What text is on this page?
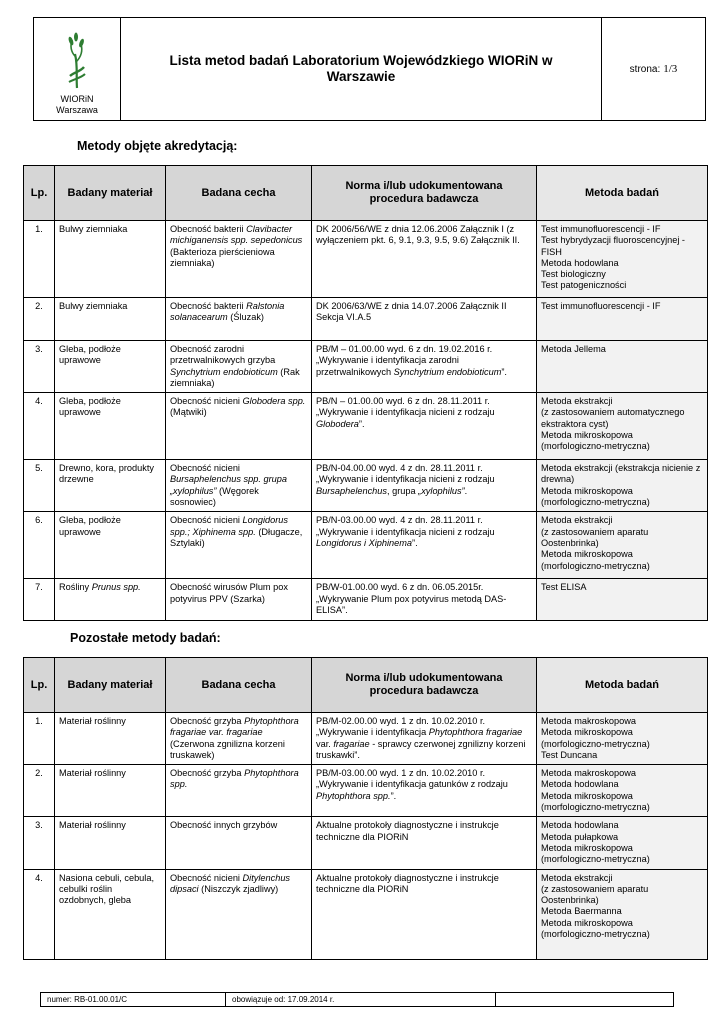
WIORiN
Warszawa
Lista metod badań Laboratorium Wojewódzkiego WIORiN w
Warszawie	strona: 1/3
Metody objęte akredytacją:
Lp.	Badany materiał	Badana cecha	Norma i/lub udokumentowana
procedura badawcza	Metoda badań
1.	Bulwy ziemniaka	Obecność bakterii Clavibacter michiganensis spp. sepedonicus (Bakterioza pierścieniowa ziemniaka)	DK 2006/56/WE z dnia 12.06.2006 Załącznik I (z wyłączeniem pkt. 6, 9.1, 9.3, 9.5, 9.6) Załącznik II.	Test immunofluorescencji - IF
Test hybrydyzacji fluoroscencyjnej - FISH
Metoda hodowlana
Test biologiczny
Test patogeniczności

2.	Bulwy ziemniaka	Obecność bakterii Ralstonia solanacearum (Śluzak)	DK 2006/63/WE z dnia 14.07.2006 Załącznik II Sekcja VI.A.5	Test immunofluorescencji - IF

3.	Gleba, podłoże uprawowe	Obecność zarodni przetrwalnikowych grzyba Synchytrium endobioticum (Rak ziemniaka)	PB/M – 01.00.00 wyd. 6 z dn. 19.02.2016 r. „Wykrywanie i identyfikacja zarodni przetrwalnikowych Synchytrium endobioticum”.	Metoda Jellema

4.	Gleba, podłoże uprawowe	Obecność nicieni Globodera spp.(Mątwiki)	PB/N – 01.00.00 wyd. 6 z dn. 28.11.2011 r. „Wykrywanie i identyfikacja nicieni z rodzaju Globodera”.	Metoda ekstrakcji
(z zastosowaniem automatycznego ekstraktora cyst)
Metoda mikroskopowa
(morfologiczno-metryczna)

5.	Drewno, kora, produkty drzewne	Obecność nicieni Bursaphelenchus spp. grupa „xylophilus” (Węgorek sosnowiec)	PB/N-04.00.00 wyd. 4 z dn. 28.11.2011 r. „Wykrywanie i identyfikacja nicieni z rodzaju Bursaphelenchus, grupa „xylophilus”.	Metoda ekstrakcji (ekstrakcja nicienie z drewna)
Metoda mikroskopowa
(morfologiczno-metryczna)

6.	Gleba, podłoże uprawowe	Obecność nicieni Longidorus spp.; Xiphinema spp. (Długacze, Sztylaki)	PB/N-03.00.00 wyd. 4 z dn. 28.11.2011 r. „Wykrywanie i identyfikacja nicieni z rodzaju Longidorus i Xiphinema”.	Metoda ekstrakcji
(z zastosowaniem aparatu Oostenbrinka)
Metoda mikroskopowa
(morfologiczno-metryczna)

7.	Rośliny Prunus spp.	Obecność wirusów Plum pox potyvirus PPV (Szarka)	PB/W-01.00.00 wyd. 6 z dn. 06.05.2015r. „Wykrywanie Plum pox potyvirus metodą DAS-ELISA”.	Test ELISA
Pozostałe metody badań:
Lp.	Badany materiał	Badana cecha	Norma i/lub udokumentowana
procedura badawcza	Metoda badań
1.	Materiał roślinny	Obecność grzyba Phytophthora fragariae var. fragariae (Czerwona zgnilizna korzeni truskawek)	PB/M-02.00.00 wyd. 1 z dn. 10.02.2010 r. „Wykrywanie i identyfikacja Phytophthora fragariae var. fragariae - sprawcy czerwonej zgnilizny korzeni truskawki”.	Metoda makroskopowa
Metoda mikroskopowa
(morfologiczno-metryczna)
Test Duncana

2.	Materiał roślinny	Obecność grzyba Phytophthora spp.	PB/M-03.00.00 wyd. 1 z dn. 10.02.2010 r. „Wykrywanie i identyfikacja gatunków z rodzaju Phytophthora spp.”.	Metoda makroskopowa
Metoda hodowlana
Metoda mikroskopowa
(morfologiczno-metryczna)

3.	Materiał roślinny	Obecność innych grzybów	Aktualne protokoły diagnostyczne i instrukcje techniczne dla PIORiN	Metoda hodowlana
Metoda pułapkowa
Metoda mikroskopowa
(morfologiczno-metryczna)

4.	Nasiona cebuli, cebula, cebulki roślin ozdobnych, gleba	Obecność nicieni Ditylenchus dipsaci (Niszczyk zjadliwy)	Aktualne protokoły diagnostyczne i instrukcje techniczne dla PIORiN	Metoda ekstrakcji
(z zastosowaniem aparatu Oostenbrinka)
Metoda Baermanna
Metoda mikroskopowa
(morfologiczno-metryczna)
numer: RB-01.00.01/C	obowiązuje od: 17.09.2014 r.
